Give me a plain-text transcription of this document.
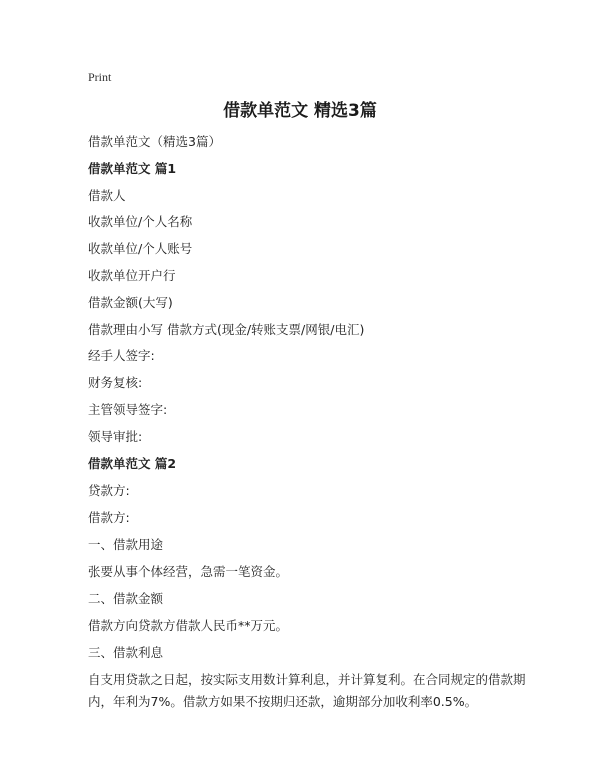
Print
借款单范文 精选3篇
借款单范文（精选3篇）
借款单范文 篇1
借款人
收款单位/个人名称
收款单位/个人账号
收款单位开户行
借款金额(大写)
借款理由小写 借款方式(现金/转账支票/网银/电汇)
经手人签字:
财务复核:
主管领导签字:
领导审批:
借款单范文 篇2
贷款方:
借款方:
一、借款用途
张要从事个体经营，急需一笔资金。
二、借款金额
借款方向贷款方借款人民币**万元。
三、借款利息
自支用贷款之日起，按实际支用数计算利息，并计算复利。在合同规定的借款期内，年利为7%。借款方如果不按期归还款，逾期部分加收利率0.5%。
